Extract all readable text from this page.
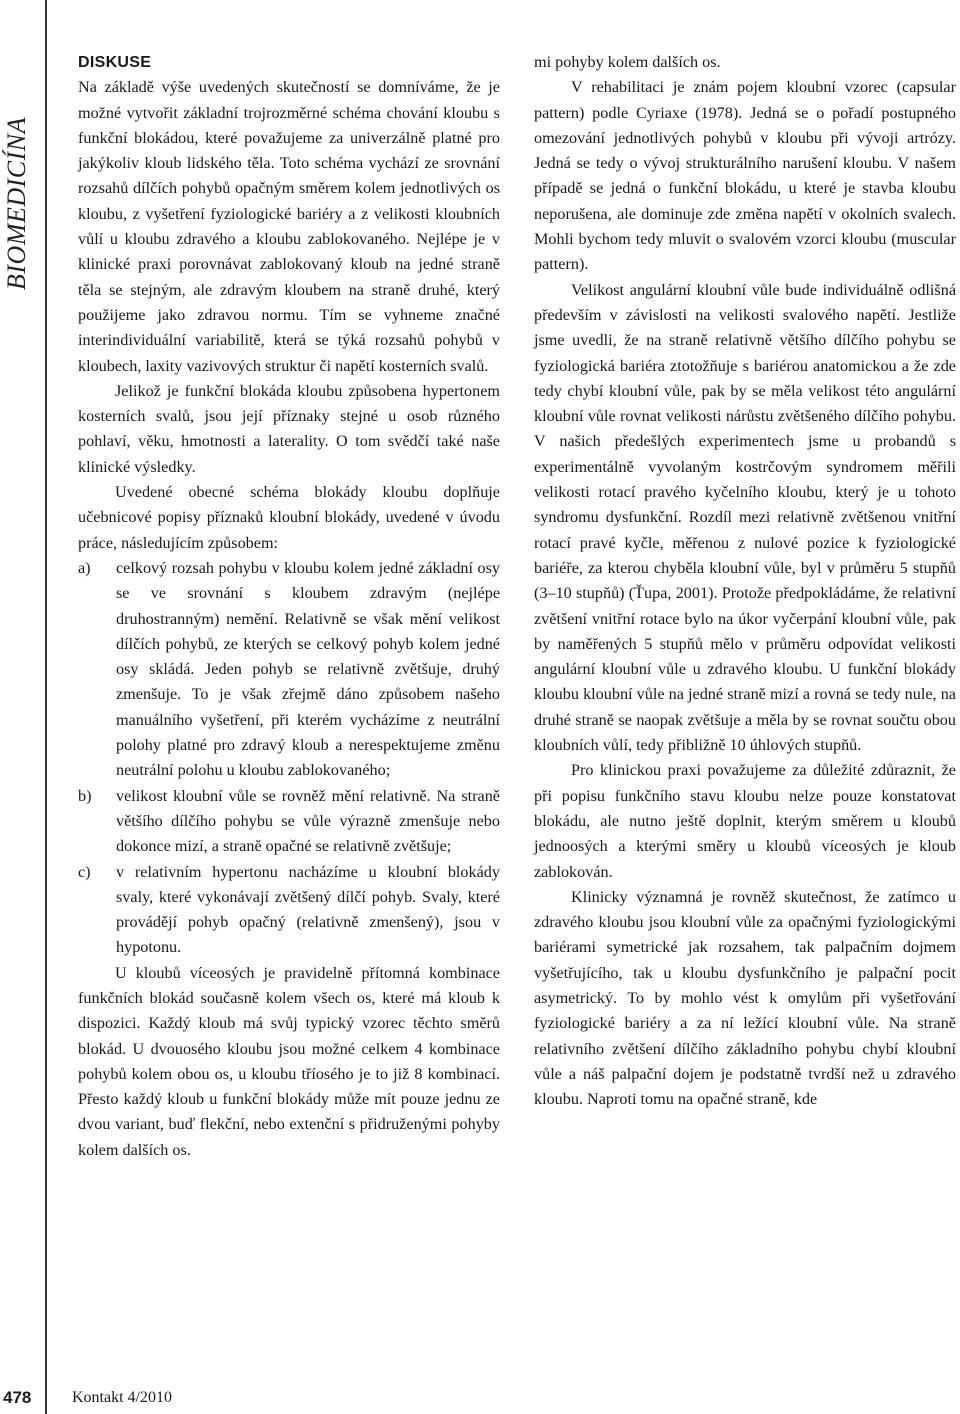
BIOMEDICÍNA

DISKUSE

Na základě výše uvedených skutečností se domníváme, že je možné vytvořit základní trojrozměrné schéma chování kloubu s funkční blokádou, které považujeme za univerzálně platné pro jakýkoliv kloub lidského těla. Toto schéma vychází ze srovnání rozsahů dílčích pohybů opačným směrem kolem jednotlivých os kloubu, z vyšetření fyziologické bariéry a z velikosti kloubních vůlí u kloubu zdravého a kloubu zablokovaného. Nejlépe je v klinické praxi porovnávat zablokovaný kloub na jedné straně těla se stejným, ale zdravým kloubem na straně druhé, který použijeme jako zdravou normu. Tím se vyhneme značné interindividuální variabilitě, která se týká rozsahů pohybů v kloubech, laxity vazivových struktur či napětí kosterních svalů.

Jelikož je funkční blokáda kloubu způsobena hypertonem kosterních svalů, jsou její příznaky stejné u osob různého pohlaví, věku, hmotnosti a laterality. O tom svědčí také naše klinické výsledky.

Uvedené obecné schéma blokády kloubu doplňuje učebnicové popisy příznaků kloubní blokády, uvedené v úvodu práce, následujícím způsobem:

a) celkový rozsah pohybu v kloubu kolem jedné základní osy se ve srovnání s kloubem zdravým (nejlépe druhostranným) nemění. Relativně se však mění velikost dílčích pohybů, ze kterých se celkový pohyb kolem jedné osy skládá. Jeden pohyb se relativně zvětšuje, druhý zmenšuje. To je však zřejmě dáno způsobem našeho manuálního vyšetření, při kterém vycházíme z neutrální polohy platné pro zdravý kloub a nerespektujeme změnu neutrální polohu u kloubu zablokovaného;
b) velikost kloubní vůle se rovněž mění relativně. Na straně většího dílčího pohybu se vůle výrazně zmenšuje nebo dokonce mizí, a straně opačné se relativně zvětšuje;
c) v relativním hypertonu nacházíme u kloubní blokády svaly, které vykonávají zvětšený dílčí pohyb. Svaly, které provádějí pohyb opačný (relativně zmenšený), jsou v hypotonu.

U kloubů víceosých je pravidelně přítomná kombinace funkčních blokád současně kolem všech os, které má kloub k dispozici. Každý kloub má svůj typický vzorec těchto směrů blokád. U dvouosého kloubu jsou možné celkem 4 kombinace pohybů kolem obou os, u kloubu tříosého je to již 8 kombinací. Přesto každý kloub u funkční blokády může mít pouze jednu ze dvou variant, buď flekční, nebo extenční s přidruženými pohyby kolem dalších os.

mi pohyby kolem dalších os.

V rehabilitaci je znám pojem kloubní vzorec (capsular pattern) podle Cyriaxe (1978). Jedná se o pořadí postupného omezování jednotlivých pohybů v kloubu při vývoji artrózy. Jedná se tedy o vývoj strukturálního narušení kloubu. V našem případě se jedná o funkční blokádu, u které je stavba kloubu neporušena, ale dominuje zde změna napětí v okolních svalech. Mohli bychom tedy mluvit o svalovém vzorci kloubu (muscular pattern).

Velikost angulární kloubní vůle bude individuálně odlišná především v závislosti na velikosti svalového napětí. Jestliže jsme uvedli, že na straně relativně většího dílčího pohybu se fyziologická bariéra ztotožňuje s bariérou anatomickou a že zde tedy chybí kloubní vůle, pak by se měla velikost této angulární kloubní vůle rovnat velikosti nárůstu zvětšeného dílčího pohybu. V našich předešlých experimentech jsme u probandů s experimentálně vyvolaným kostrčovým syndromem měřili velikosti rotací pravého kyčelního kloubu, který je u tohoto syndromu dysfunkční. Rozdíl mezi relativně zvětšenou vnitřní rotací pravé kyčle, měřenou z nulové pozice k fyziologické bariéře, za kterou chyběla kloubní vůle, byl v průměru 5 stupňů (3–10 stupňů) (Ťupa, 2001). Protože předpokládáme, že relativní zvětšení vnitřní rotace bylo na úkor vyčerpání kloubní vůle, pak by naměřených 5 stupňů mělo v průměru odpovídat velikosti angulární kloubní vůle u zdravého kloubu. U funkční blokády kloubu kloubní vůle na jedné straně mizí a rovná se tedy nule, na druhé straně se naopak zvětšuje a měla by se rovnat součtu obou kloubních vůlí, tedy přibližně 10 úhlových stupňů.

Pro klinickou praxi považujeme za důležité zdůraznit, že při popisu funkčního stavu kloubu nelze pouze konstatovat blokádu, ale nutno ještě doplnit, kterým směrem u kloubů jednoosých a kterými směry u kloubů víceosých je kloub zablokován.

Klinicky významná je rovněž skutečnost, že zatímco u zdravého kloubu jsou kloubní vůle za opačnými fyziologickými bariérami symetrické jak rozsahem, tak palpačním dojmem vyšetřujícího, tak u kloubu dysfunkčního je palpační pocit asymetrický. To by mohlo vést k omylům při vyšetřování fyziologické bariéry a za ní ležící kloubní vůle. Na straně relativního zvětšení dílčího základního pohybu chybí kloubní vůle a náš palpační dojem je podstatně tvrdší než u zdravého kloubu. Naproti tomu na opačné straně, kde

478	Kontakt 4/2010
